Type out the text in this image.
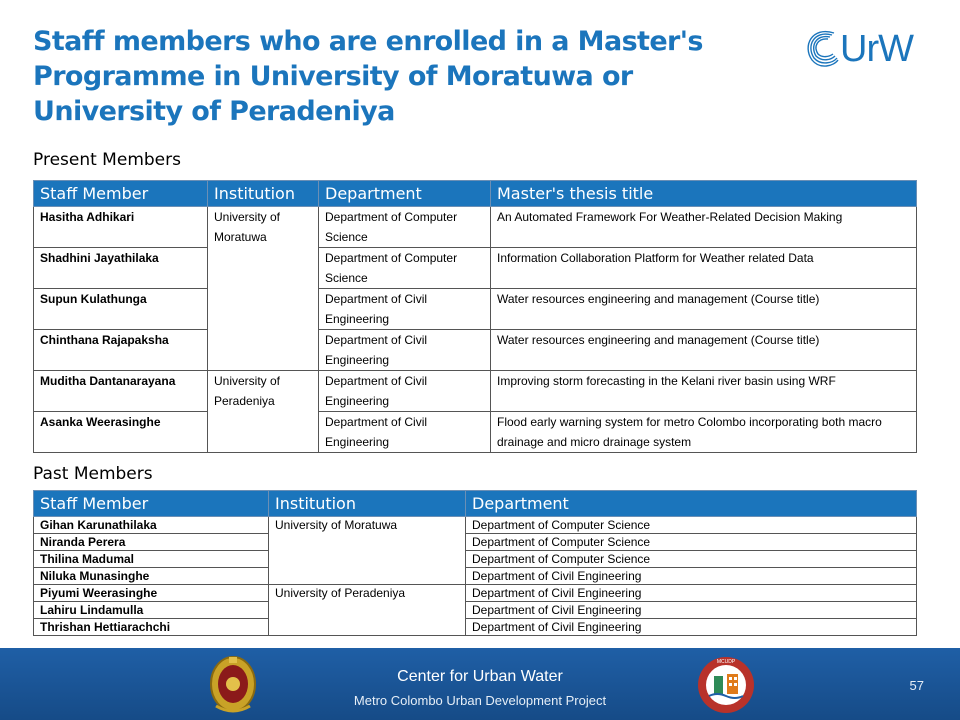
Staff members who are enrolled in a Master's Programme in University of Moratuwa or University of Peradeniya
UrW
Present Members
Staff Member	Institution	Department	Master's thesis title
Hasitha Adhikari	University of Moratuwa	Department of Computer Science	An Automated Framework For Weather-Related Decision Making
Shadhini Jayathilaka		Department of Computer Science	Information Collaboration Platform for Weather related Data
Supun Kulathunga		Department of Civil Engineering	Water resources engineering and management (Course title)
Chinthana Rajapaksha		Department of Civil Engineering	Water resources engineering and management (Course title)
Muditha Dantanarayana	University of Peradeniya	Department of Civil Engineering	Improving storm forecasting in the Kelani river basin using WRF
Asanka Weerasinghe		Department of Civil Engineering	Flood early warning system for metro Colombo incorporating both macro drainage and micro drainage system
Past Members
Staff Member	Institution	Department
Gihan Karunathilaka	University of Moratuwa	Department of Computer Science
Niranda Perera		Department of Computer Science
Thilina Madumal		Department of Computer Science
Niluka Munasinghe		Department of Civil Engineering
Piyumi Weerasinghe	University of Peradeniya	Department of Civil Engineering
Lahiru Lindamulla		Department of Civil Engineering
Thrishan Hettiarachchi		Department of Civil Engineering
Center for Urban Water
Metro Colombo Urban Development Project
MCUDP
57
